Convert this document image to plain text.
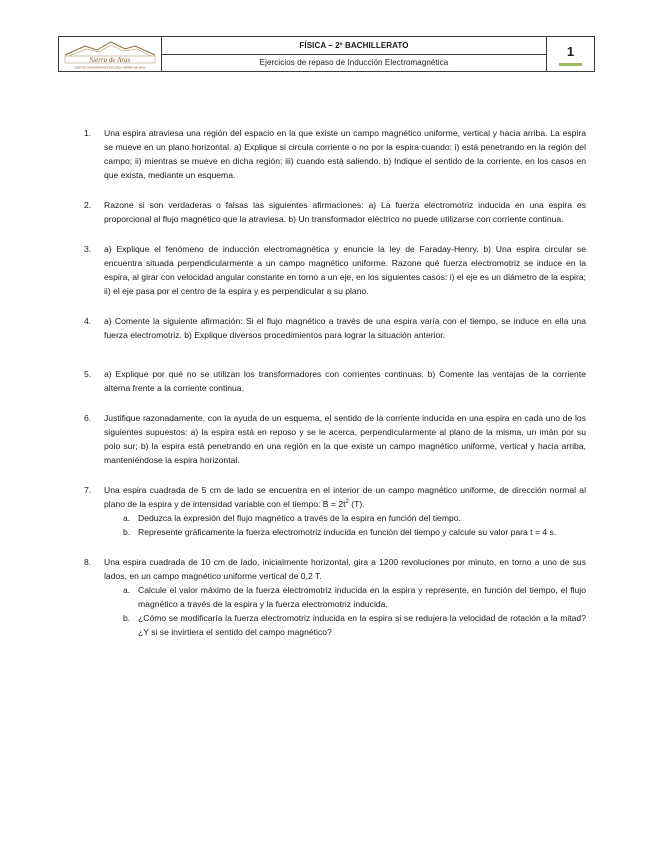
Sierra de Aras
CENTRO DE ENSEÑANZA ESCUELA SIERRA DE ARAS
FÍSICA – 2º BACHILLERATO
Ejercicios de repaso de Inducción Electromagnética
1
1. Una espira atraviesa una región del espacio en la que existe un campo magnético uniforme, vertical y hacia arriba. La espira se mueve en un plano horizontal. a) Explique si circula corriente o no por la espira cuando: i) está penetrando en la región del campo; ii) mientras se mueve en dicha región; iii) cuando está saliendo. b) Indique el sentido de la corriente, en los casos en que exista, mediante un esquema.
2. Razone si son verdaderas o falsas las siguientes afirmaciones: a) La fuerza electromotriz inducida en una espira es proporcional al flujo magnético que la atraviesa. b) Un transformador eléctrico no puede utilizarse con corriente continua.
3. a) Explique el fenómeno de inducción electromagnética y enuncie la ley de Faraday-Henry. b) Una espira circular se encuentra situada perpendicularmente a un campo magnético uniforme. Razone qué fuerza electromotriz se induce en la espira, al girar con velocidad angular constante en torno a un eje, en los siguientes casos: i) el eje es un diámetro de la espira; ii) el eje pasa por el centro de la espira y es perpendicular a su plano.
4. a) Comente la siguiente afirmación: Si el flujo magnético a través de una espira varía con el tiempo, se induce en ella una fuerza electromotriz. b) Explique diversos procedimientos para lograr la situación anterior.
5. a) Explique por qué no se utilizan los transformadores con corrientes continuas. b) Comente las ventajas de la corriente alterna frente a la corriente continua.
6. Justifique razonadamente, con la ayuda de un esquema, el sentido de la corriente inducida en una espira en cada uno de los siguientes supuestos: a) la espira está en reposo y se le acerca, perpendicularmente al plano de la misma, un imán por su polo sur; b) la espira está penetrando en una región en la que existe un campo magnético uniforme, vertical y hacia arriba, manteniéndose la espira horizontal.
7. Una espira cuadrada de 5 cm de lado se encuentra en el interior de un campo magnético uniforme, de dirección normal al plano de la espira y de intensidad variable con el tiempo: $B = 2t^2$ (T).
a. Deduzca la expresión del flujo magnético a través de la espira en función del tiempo.
b. Represente gráficamente la fuerza electromotriz inducida en función del tiempo y calcule su valor para t = 4 s.
8. Una espira cuadrada de 10 cm de lado, inicialmente horizontal, gira a 1200 revoluciones por minuto, en torno a uno de sus lados, en un campo magnético uniforme vertical de 0,2 T.
a. Calcule el valor máximo de la fuerza electromotriz inducida en la espira y represente, en función del tiempo, el flujo magnético a través de la espira y la fuerza electromotriz inducida.
b. ¿Cómo se modificaría la fuerza electromotriz inducida en la espira si se redujera la velocidad de rotación a la mitad? ¿Y si se invirtiera el sentido del campo magnético?
